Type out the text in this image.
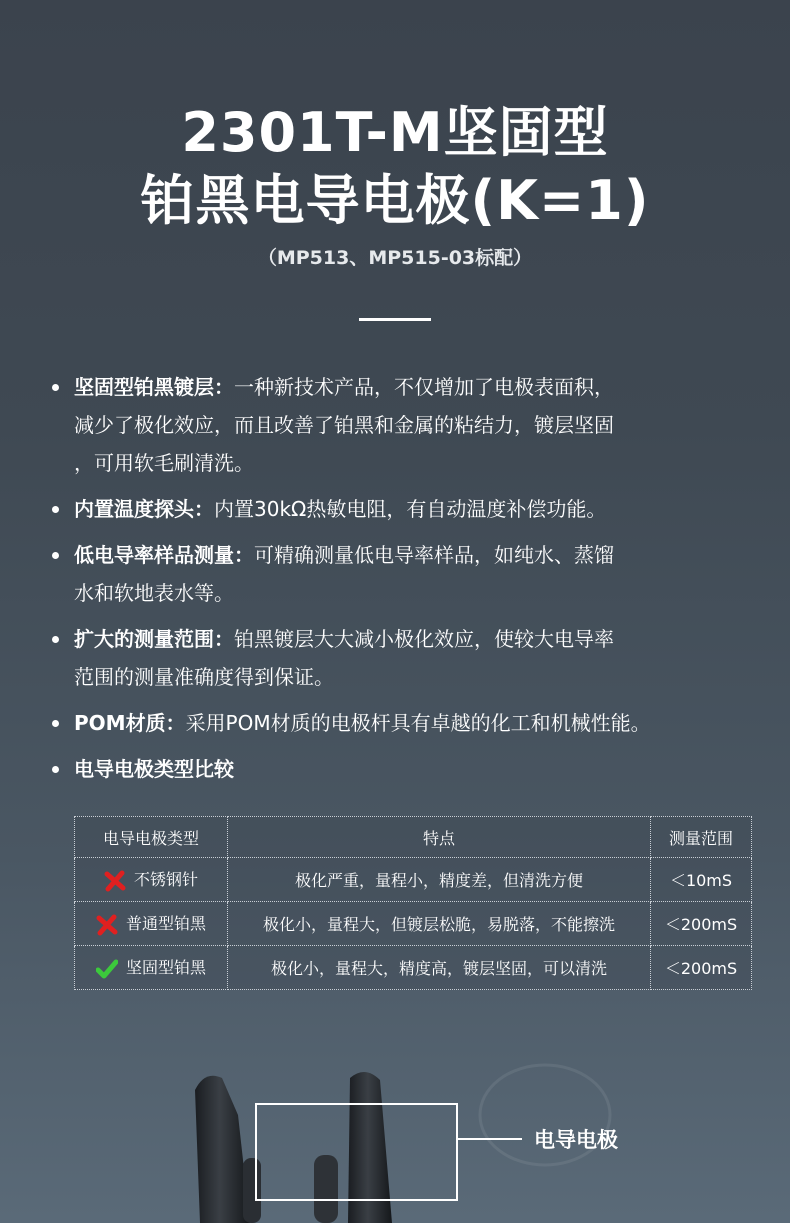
2301T-M坚固型
铂黑电导电极(K=1)
（MP513、MP515-03标配）
坚固型铂黑镀层：一种新技术产品，不仅增加了电极表面积，
减少了极化效应，而且改善了铂黑和金属的粘结力，镀层坚固
，可用软毛刷清洗。
内置温度探头：内置30kΩ热敏电阻，有自动温度补偿功能。
低电导率样品测量：可精确测量低电导率样品，如纯水、蒸馏
水和软地表水等。
扩大的测量范围：铂黑镀层大大减小极化效应，使较大电导率
范围的测量准确度得到保证。
POM材质：采用POM材质的电极杆具有卓越的化工和机械性能。
电导电极类型比较
电导电极类型	特点	测量范围
不锈钢针	极化严重，量程小，精度差，但清洗方便	＜10mS
普通型铂黑	极化小，量程大，但镀层松脆，易脱落，不能擦洗	＜200mS
坚固型铂黑	极化小，量程大，精度高，镀层坚固，可以清洗	＜200mS
电导电极
